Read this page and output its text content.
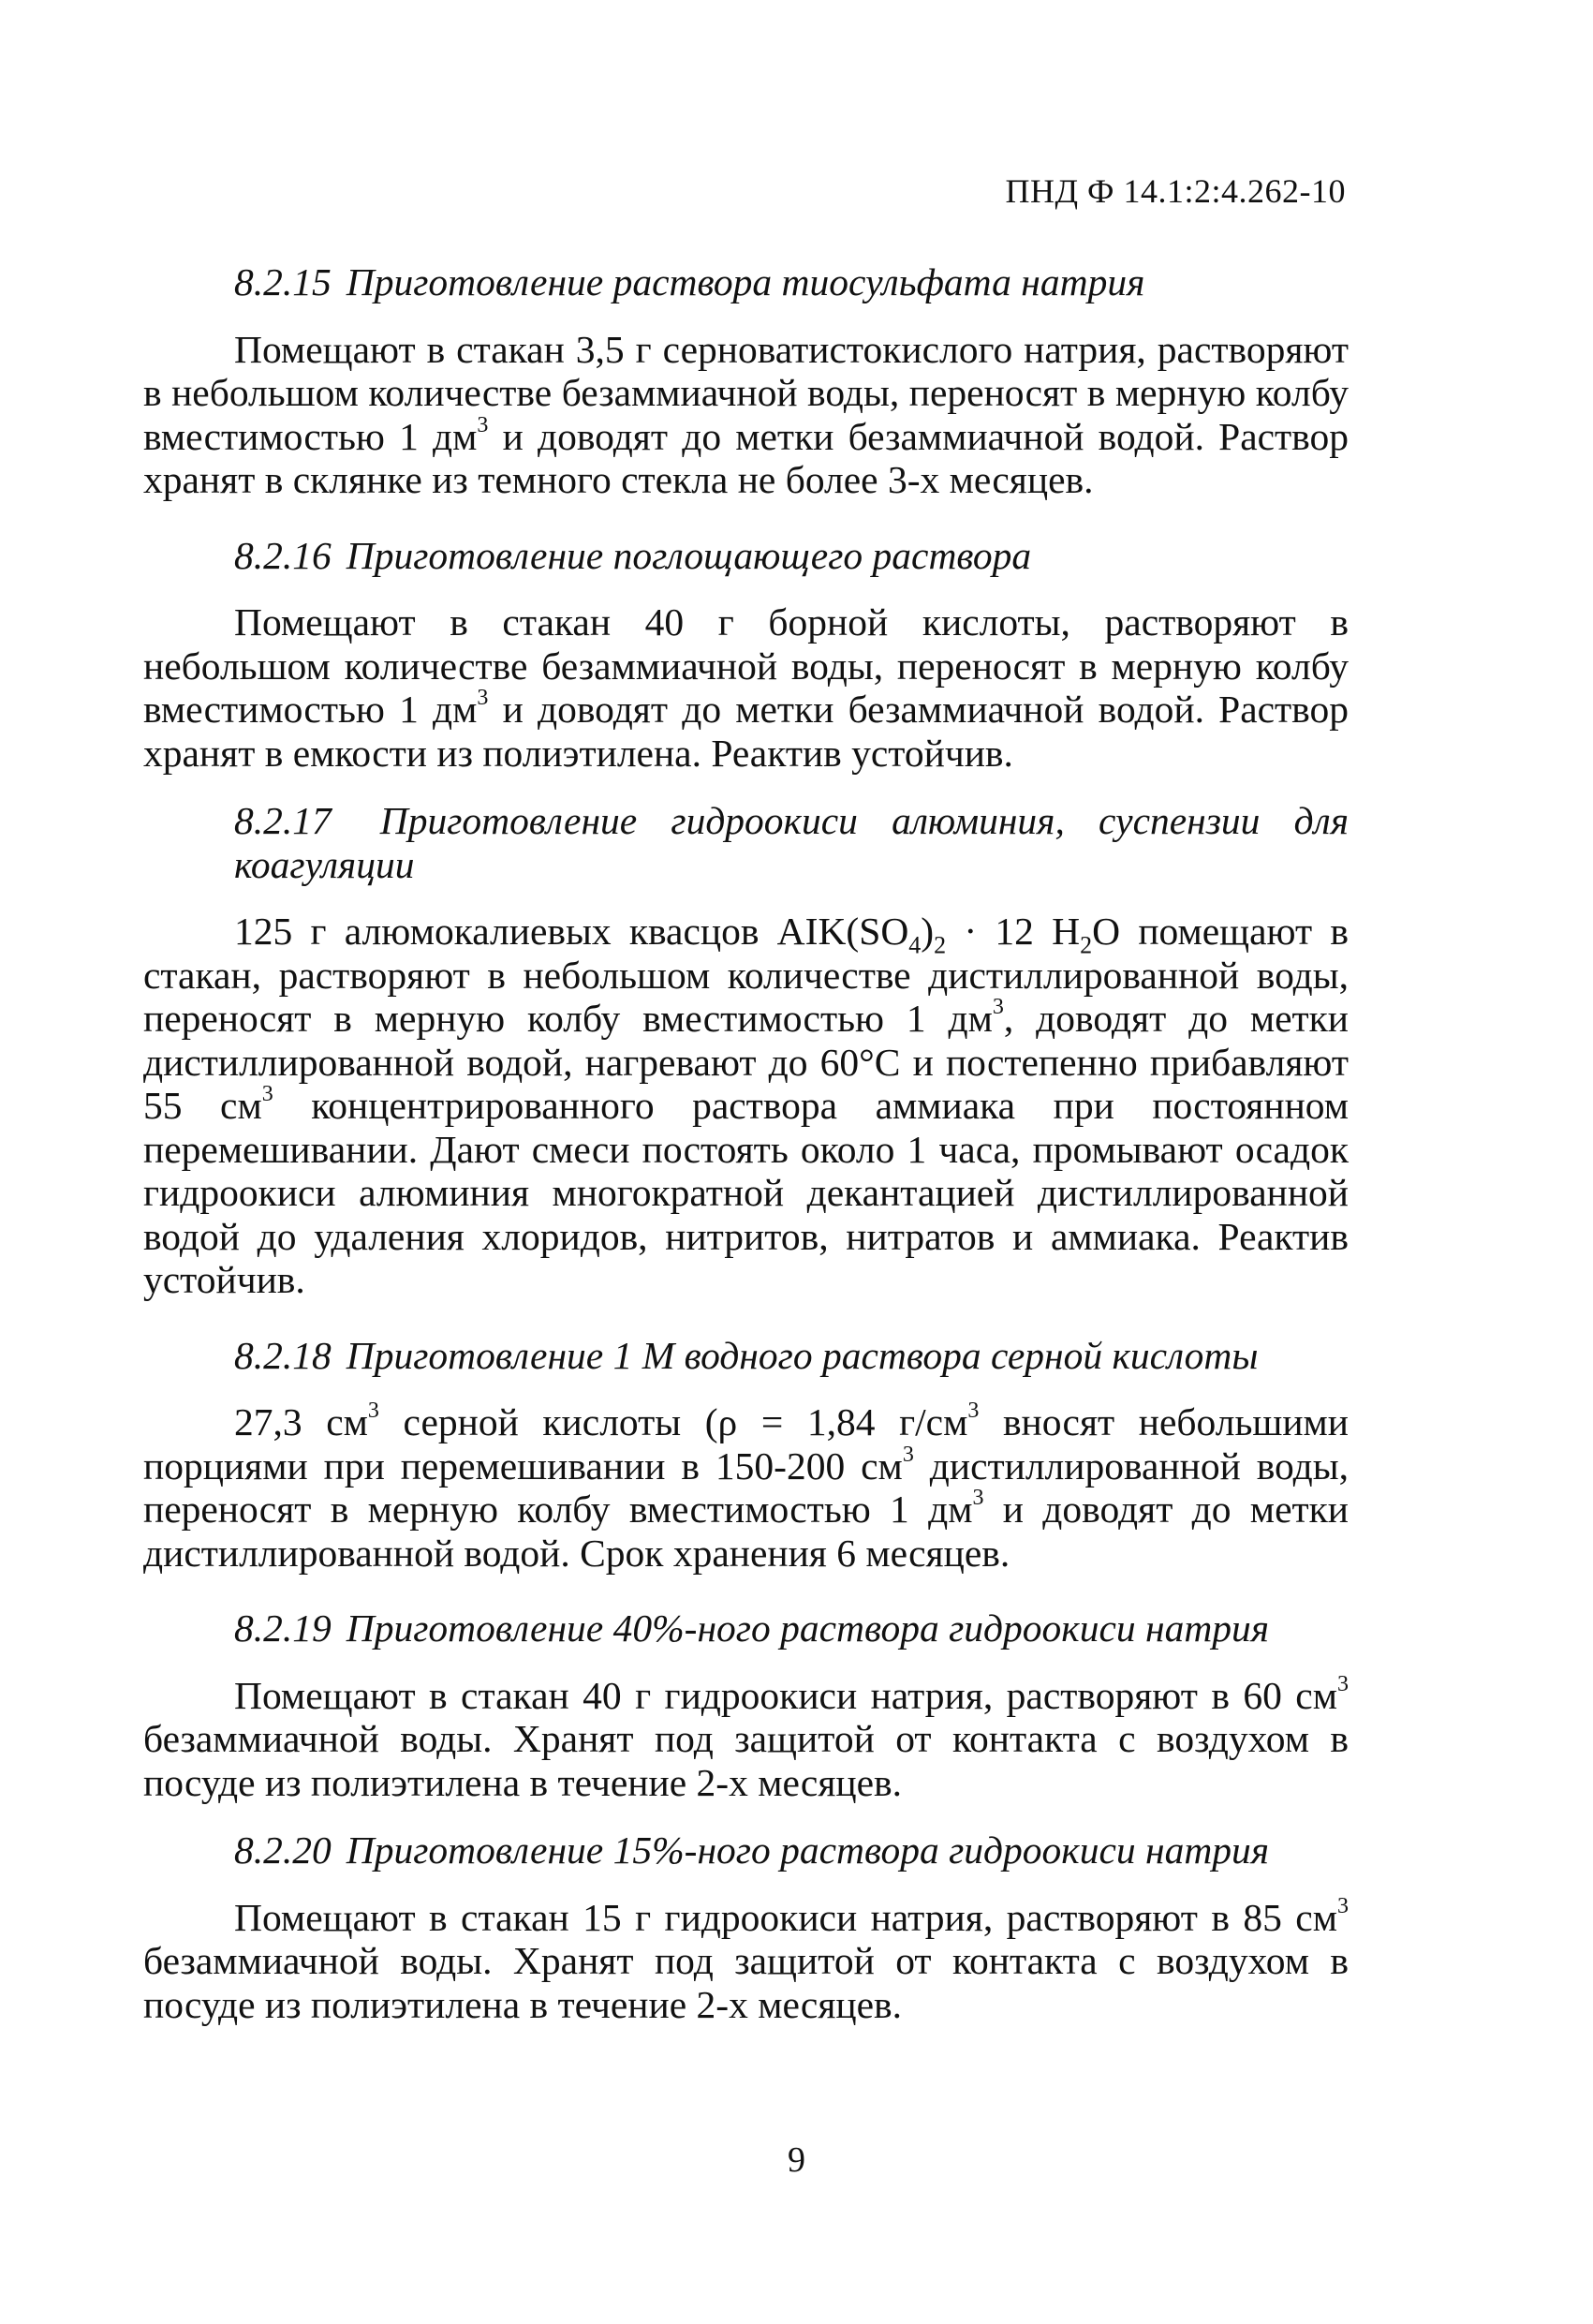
ПНД Ф 14.1:2:4.262-10
8.2.15 Приготовление раствора тиосульфата натрия

Помещают в стакан 3,5 г серноватистокислого натрия, растворяют в небольшом количестве безаммиачной воды, переносят в мерную колбу вместимостью 1 $дм^3$ и доводят до метки безаммиачной водой. Раствор хранят в склянке из темного стекла не более 3-х месяцев.

8.2.16 Приготовление поглощающего раствора

Помещают в стакан 40 г борной кислоты, растворяют в небольшом количестве безаммиачной воды, переносят в мерную колбу вместимостью 1 $дм^3$ и доводят до метки безаммиачной водой. Раствор хранят в емкости из полиэтилена. Реактив устойчив.

8.2.17 Приготовление гидроокиси алюминия, суспензии для коагуляции

125 г алюмокалиевых квасцов $AIK(SO_4)_2 \cdot 12$ $H_2O$ помещают в стакан, растворяют в небольшом количестве дистиллированной воды, переносят в мерную колбу вместимостью 1 $дм^3$, доводят до метки дистиллированной водой, нагревают до 60°C и постепенно прибавляют 55 $см^3$ концентрированного раствора аммиака при постоянном перемешивании. Дают смеси постоять около 1 часа, промывают осадок гидроокиси алюминия многократной декантацией дистиллированной водой до удаления хлоридов, нитритов, нитратов и аммиака. Реактив устойчив.

8.2.18 Приготовление 1 M водного раствора серной кислоты

27,3 $см^3$ серной кислоты (ρ = 1,84 $г/см^3$ вносят небольшими порциями при перемешивании в 150-200 $см^3$ дистиллированной воды, переносят в мерную колбу вместимостью 1 $дм^3$ и доводят до метки дистиллированной водой. Срок хранения 6 месяцев.

8.2.19 Приготовление 40%-ного раствора гидроокиси натрия

Помещают в стакан 40 г гидроокиси натрия, растворяют в 60 $см^3$ безаммиачной воды. Хранят под защитой от контакта с воздухом в посуде из полиэтилена в течение 2-х месяцев.

8.2.20 Приготовление 15%-ного раствора гидроокиси натрия

Помещают в стакан 15 г гидроокиси натрия, растворяют в 85 $см^3$ безаммиачной воды. Хранят под защитой от контакта с воздухом в посуде из полиэтилена в течение 2-х месяцев.

9
